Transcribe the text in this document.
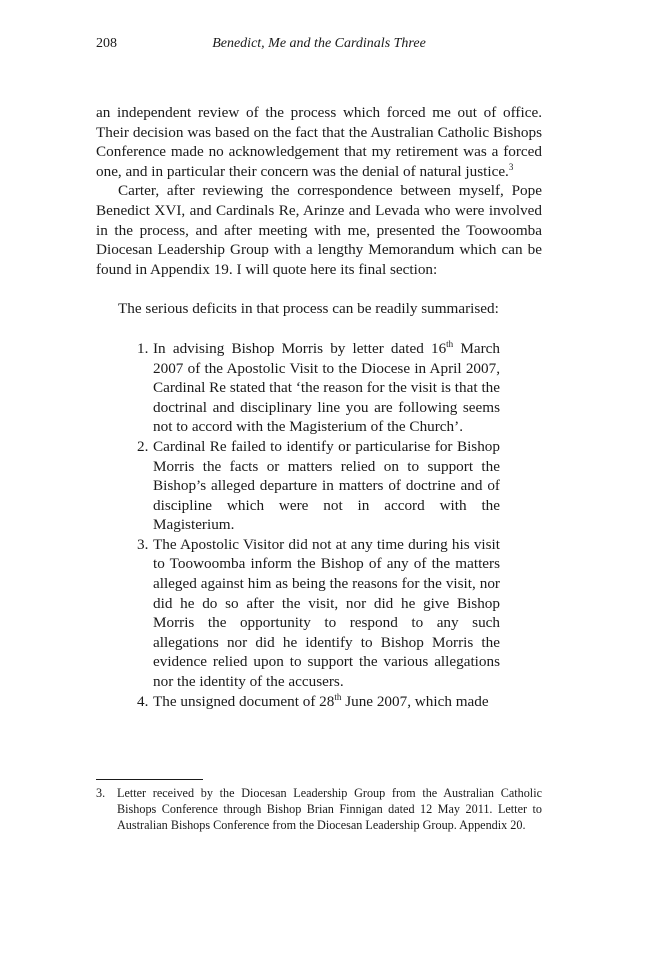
208	Benedict, Me and the Cardinals Three

an independent review of the process which forced me out of office. Their decision was based on the fact that the Australian Catholic Bishops Conference made no acknowledgement that my retirement was a forced one, and in particular their concern was the denial of natural justice.$^3$

Carter, after reviewing the correspondence between myself, Pope Benedict XVI, and Cardinals Re, Arinze and Levada who were involved in the process, and after meeting with me, presented the Toowoomba Diocesan Leadership Group with a lengthy Memorandum which can be found in Appendix 19. I will quote here its final section:

The serious deficits in that process can be readily summarised:

1. In advising Bishop Morris by letter dated 16th March 2007 of the Apostolic Visit to the Diocese in April 2007, Cardinal Re stated that ‘the reason for the visit is that the doctrinal and disciplinary line you are following seems not to accord with the Magisterium of the Church’.
2. Cardinal Re failed to identify or particularise for Bishop Morris the facts or matters relied on to support the Bishop’s alleged departure in matters of doctrine and of discipline which were not in accord with the Magisterium.
3. The Apostolic Visitor did not at any time during his visit to Toowoomba inform the Bishop of any of the matters alleged against him as being the reasons for the visit, nor did he do so after the visit, nor did he give Bishop Morris the opportunity to respond to any such allegations nor did he identify to Bishop Morris the evidence relied upon to support the various allegations nor the identity of the accusers.
4. The unsigned document of 28th June 2007, which made
3. Letter received by the Diocesan Leadership Group from the Australian Catholic Bishops Conference through Bishop Brian Finnigan dated 12 May 2011. Letter to Australian Bishops Conference from the Diocesan Leadership Group. Appendix 20.
